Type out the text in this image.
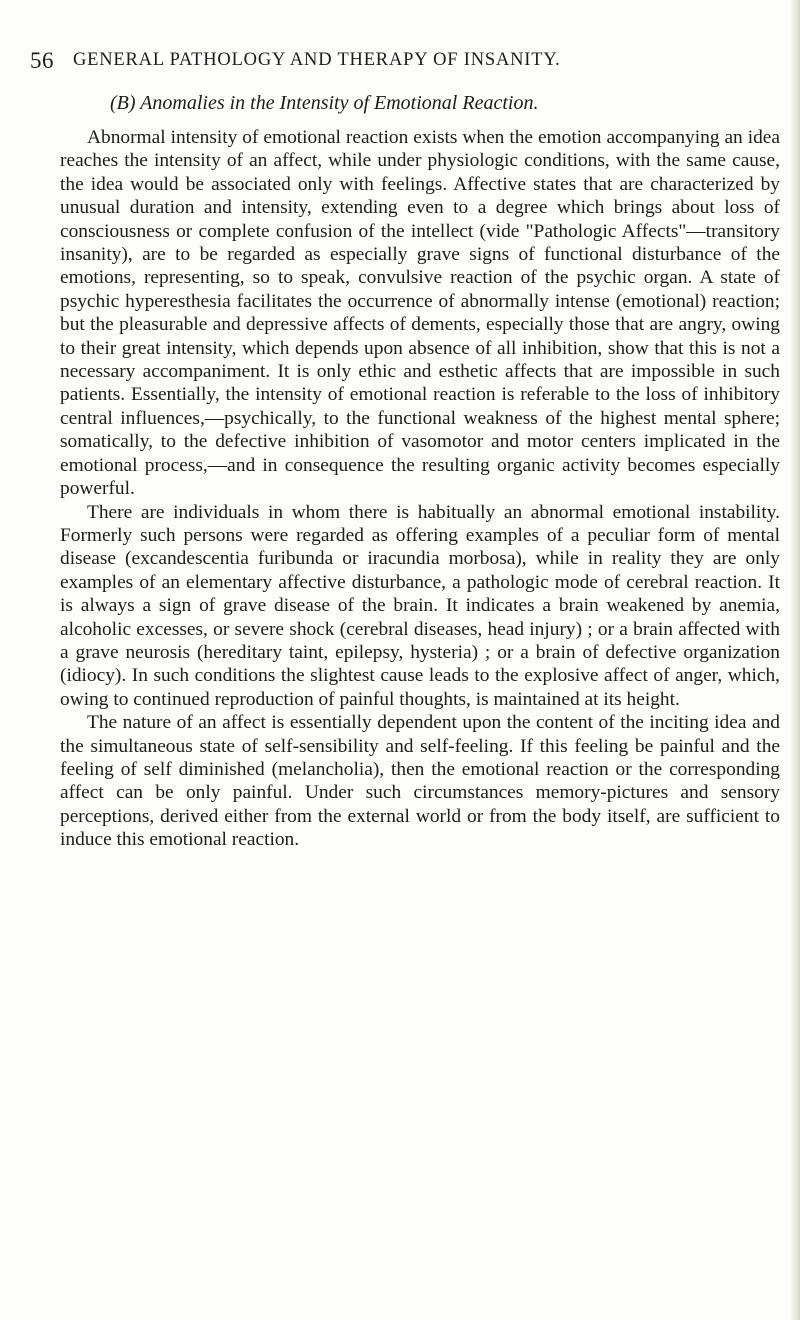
56 GENERAL PATHOLOGY AND THERAPY OF INSANITY.
(B) Anomalies in the Intensity of Emotional Reaction.

Abnormal intensity of emotional reaction exists when the emotion accompanying an idea reaches the intensity of an affect, while under physiologic conditions, with the same cause, the idea would be associated only with feelings. Affective states that are characterized by unusual duration and intensity, extending even to a degree which brings about loss of consciousness or complete confusion of the intellect (vide "Pathologic Affects"—transitory insanity), are to be regarded as especially grave signs of functional disturbance of the emotions, representing, so to speak, convulsive reaction of the psychic organ. A state of psychic hyperesthesia facilitates the occurrence of abnormally intense (emotional) reaction; but the pleasurable and depressive affects of dements, especially those that are angry, owing to their great intensity, which depends upon absence of all inhibition, show that this is not a necessary accompaniment. It is only ethic and esthetic affects that are impossible in such patients. Essentially, the intensity of emotional reaction is referable to the loss of inhibitory central influences,—psychically, to the functional weakness of the highest mental sphere; somatically, to the defective inhibition of vasomotor and motor centers implicated in the emotional process,—and in consequence the resulting organic activity becomes especially powerful.

There are individuals in whom there is habitually an abnormal emotional instability. Formerly such persons were regarded as offering examples of a peculiar form of mental disease (excandescentia furibunda or iracundia morbosa), while in reality they are only examples of an elementary affective disturbance, a pathologic mode of cerebral reaction. It is always a sign of grave disease of the brain. It indicates a brain weakened by anemia, alcoholic excesses, or severe shock (cerebral diseases, head injury) ; or a brain affected with a grave neurosis (hereditary taint, epilepsy, hysteria) ; or a brain of defective organization (idiocy). In such conditions the slightest cause leads to the explosive affect of anger, which, owing to continued reproduction of painful thoughts, is maintained at its height.

The nature of an affect is essentially dependent upon the content of the inciting idea and the simultaneous state of self-sensibility and self-feeling. If this feeling be painful and the feeling of self diminished (melancholia), then the emotional reaction or the corresponding affect can be only painful. Under such circumstances memory-pictures and sensory perceptions, derived either from the external world or from the body itself, are sufficient to induce this emotional reaction.
